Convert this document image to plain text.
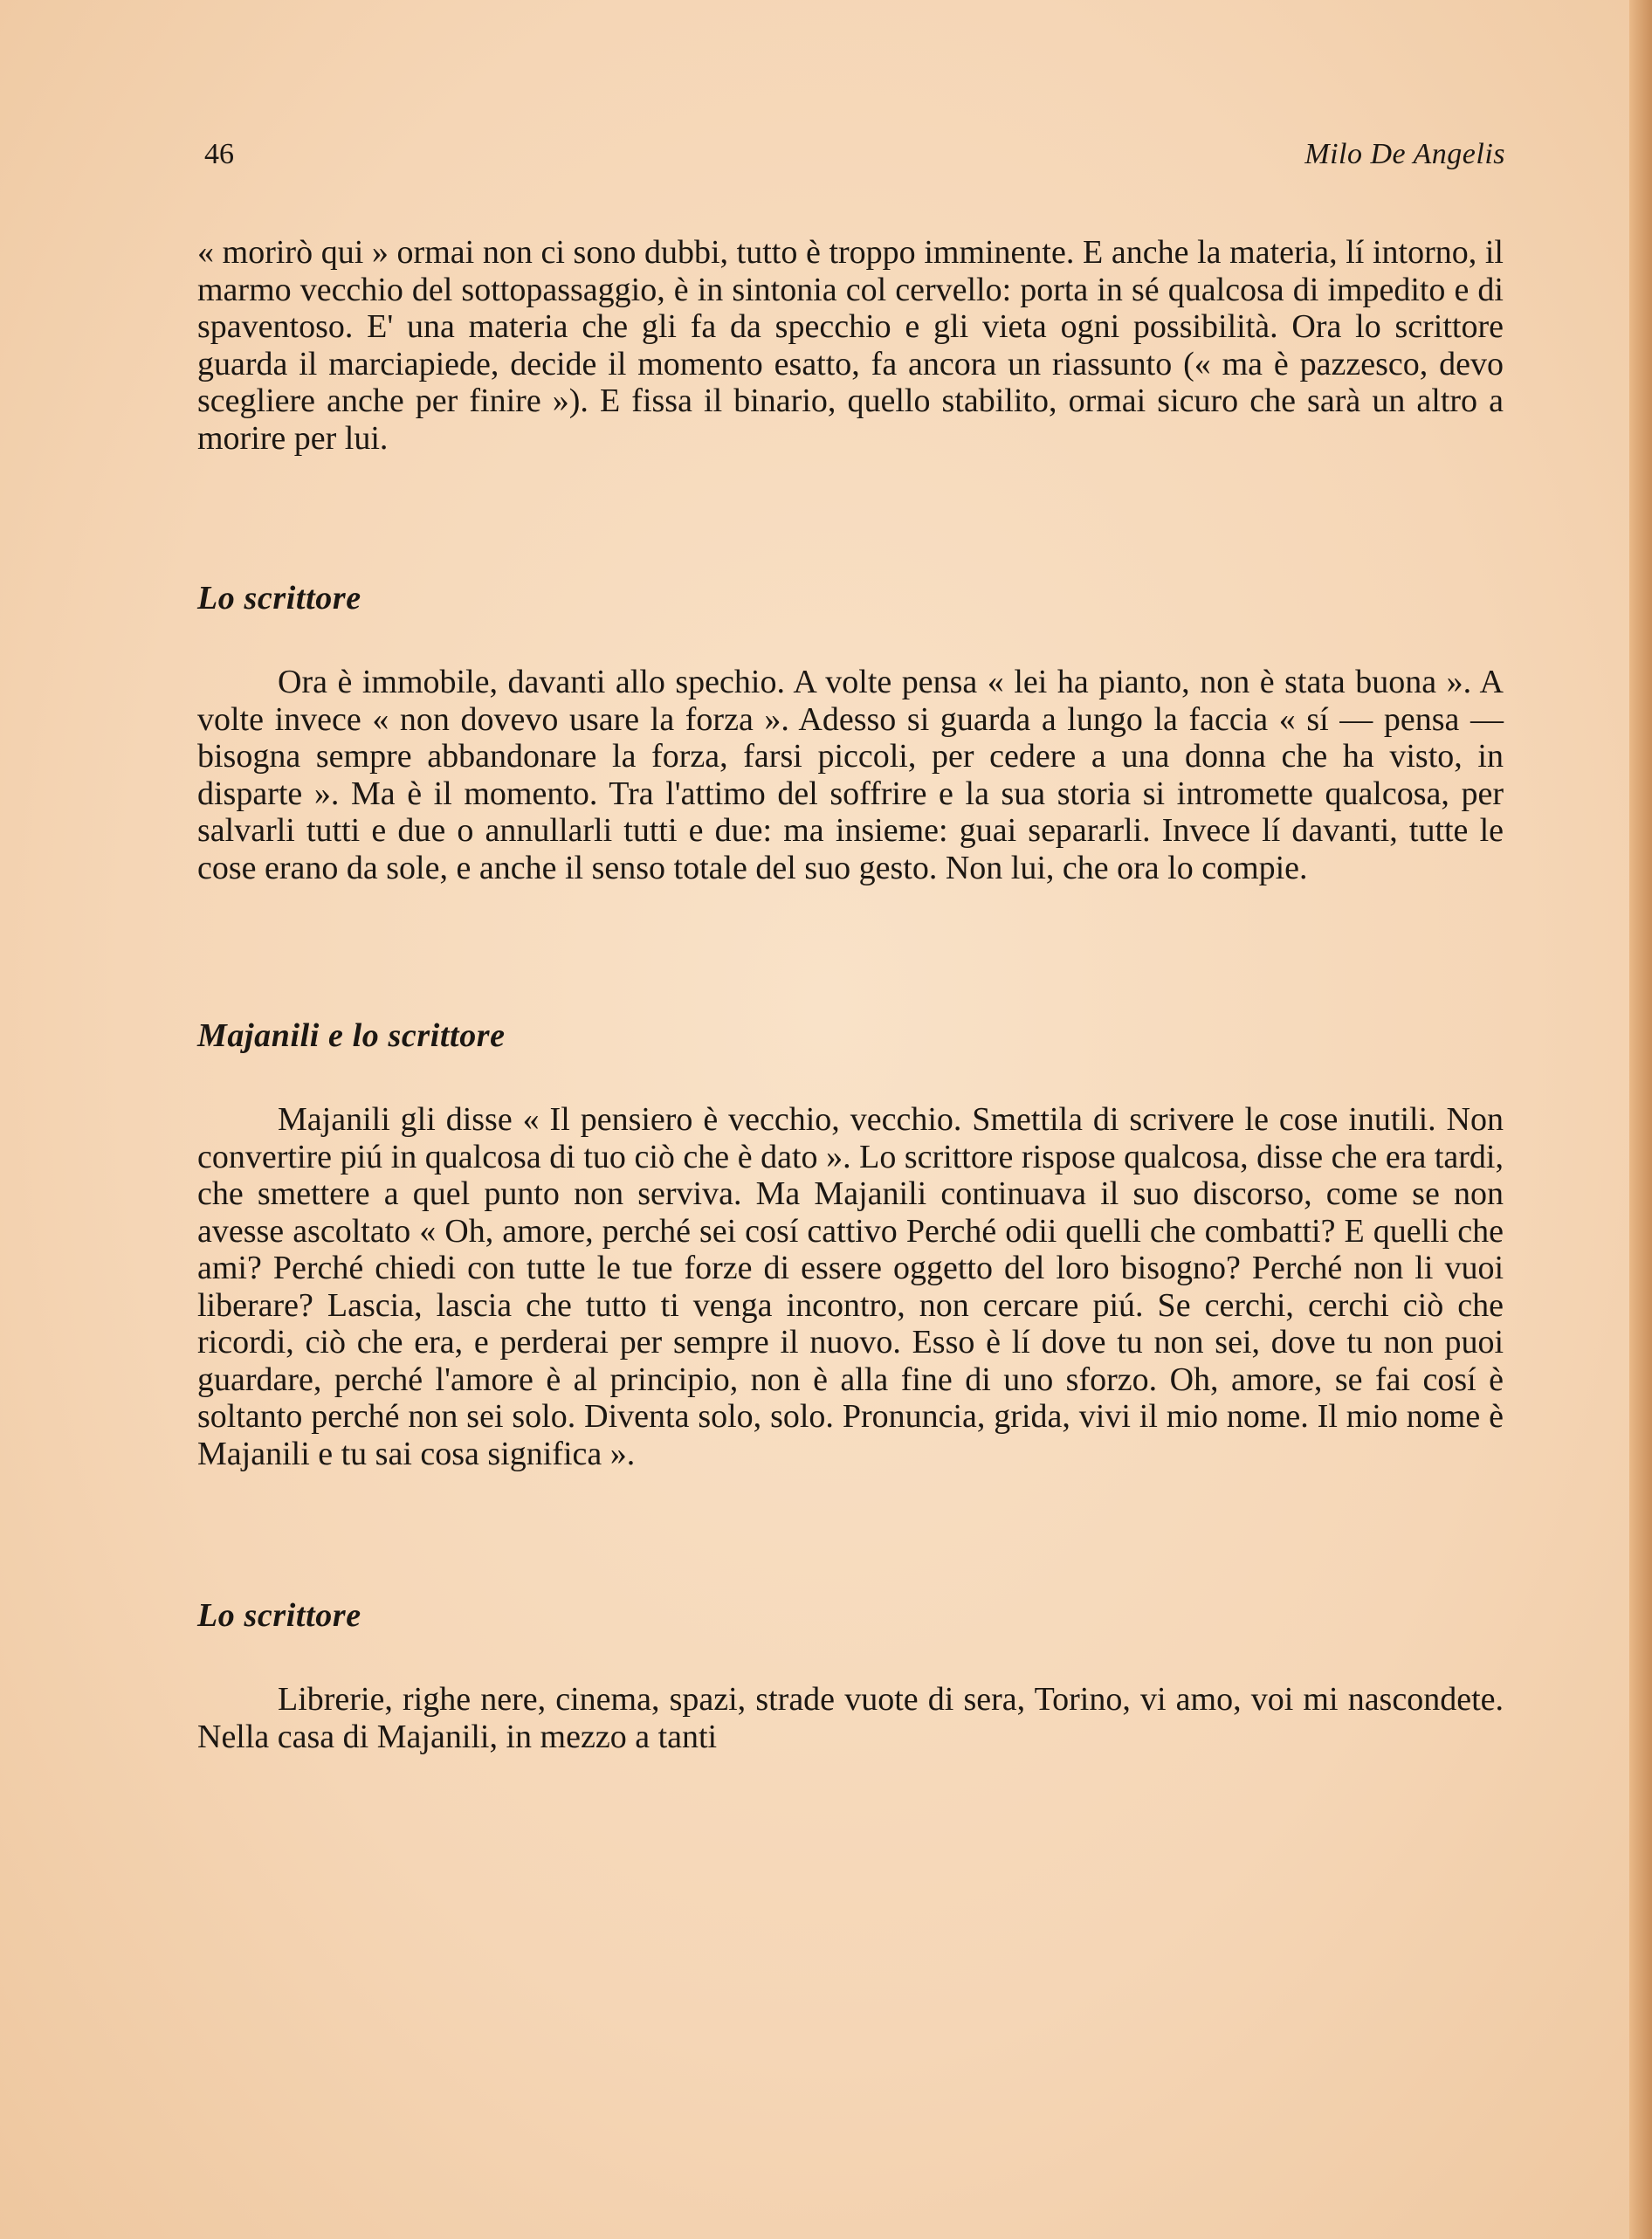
46	Milo De Angelis

« morirò qui » ormai non ci sono dubbi, tutto è troppo imminente. E anche la materia, lí intorno, il marmo vecchio del sottopassaggio, è in sintonia col cervello: porta in sé qualcosa di impedito e di spaventoso. E' una materia che gli fa da specchio e gli vieta ogni possibilità. Ora lo scrittore guarda il marciapiede, decide il momento esatto, fa ancora un riassunto (« ma è pazzesco, devo scegliere anche per finire »). E fissa il binario, quello stabilito, ormai sicuro che sarà un altro a morire per lui.

Lo scrittore

Ora è immobile, davanti allo spechio. A volte pensa « lei ha pianto, non è stata buona ». A volte invece « non dovevo usare la forza ». Adesso si guarda a lungo la faccia « sí — pensa — bisogna sempre abbandonare la forza, farsi piccoli, per cedere a una donna che ha visto, in disparte ». Ma è il momento. Tra l'attimo del soffrire e la sua storia si intromette qualcosa, per salvarli tutti e due o annullarli tutti e due: ma insieme: guai separarli. Invece lí davanti, tutte le cose erano da sole, e anche il senso totale del suo gesto. Non lui, che ora lo compie.

Majanili e lo scrittore

Majanili gli disse « Il pensiero è vecchio, vecchio. Smettila di scrivere le cose inutili. Non convertire piú in qualcosa di tuo ciò che è dato ». Lo scrittore rispose qualcosa, disse che era tardi, che smettere a quel punto non serviva. Ma Majanili continuava il suo discorso, come se non avesse ascoltato « Oh, amore, perché sei cosí cattivo Perché odii quelli che combatti? E quelli che ami? Perché chiedi con tutte le tue forze di essere oggetto del loro bisogno? Perché non li vuoi liberare? Lascia, lascia che tutto ti venga incontro, non cercare piú. Se cerchi, cerchi ciò che ricordi, ciò che era, e perderai per sempre il nuovo. Esso è lí dove tu non sei, dove tu non puoi guardare, perché l'amore è al principio, non è alla fine di uno sforzo. Oh, amore, se fai cosí è soltanto perché non sei solo. Diventa solo, solo. Pronuncia, grida, vivi il mio nome. Il mio nome è Majanili e tu sai cosa significa ».

Lo scrittore

Librerie, righe nere, cinema, spazi, strade vuote di sera, Torino, vi amo, voi mi nascondete. Nella casa di Majanili, in mezzo a tanti
